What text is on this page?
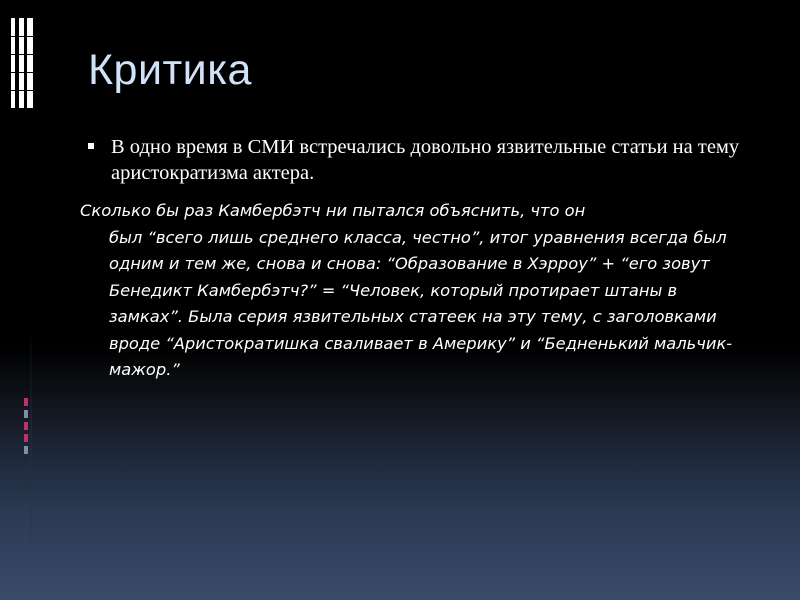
Критика

В одно время в СМИ встречались довольно язвительные статьи на тему аристократизма актера.

Сколько бы раз Камбербэтч ни пытался объяснить, что он
был “всего лишь среднего класса, честно”, итог уравнения всегда был одним и тем же, снова и снова: “Образование в Хэрроу” + “его зовут Бенедикт Камбербэтч?” = “Человек, который протирает штаны в замках”. Была серия язвительных статеек на эту тему, с заголовками вроде “Аристократишка сваливает в Америку” и “Бедненький мальчик-мажор.”
